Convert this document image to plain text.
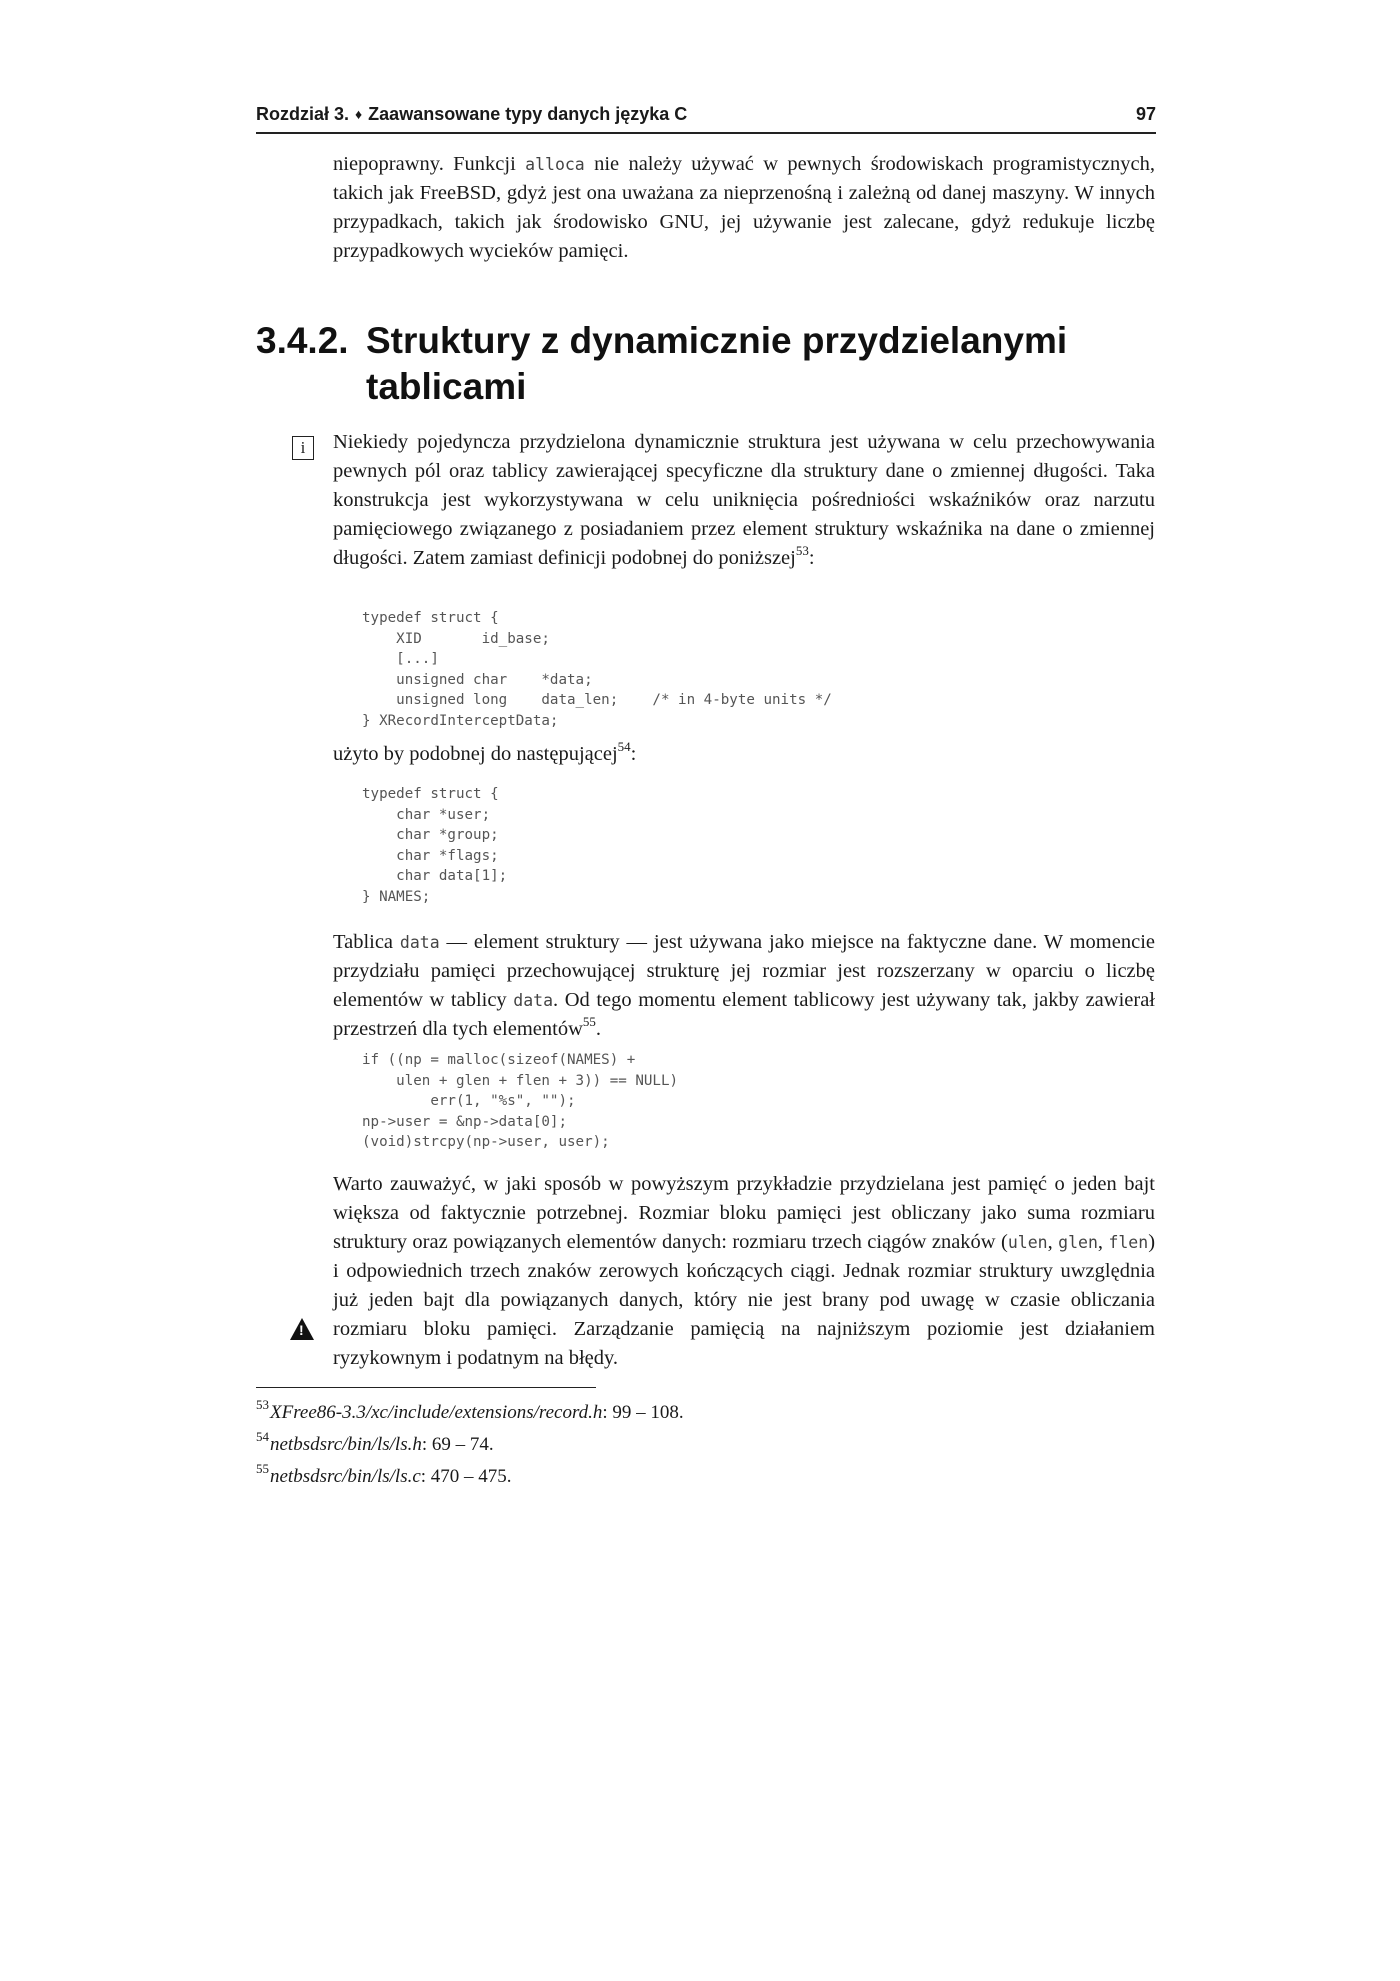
Rozdział 3. ♦ Zaawansowane typy danych języka C	97

niepoprawny. Funkcji alloca nie należy używać w pewnych środowiskach programistycznych, takich jak FreeBSD, gdyż jest ona uważana za nieprzenośną i zależną od danej maszyny. W innych przypadkach, takich jak środowisko GNU, jej używanie jest zalecane, gdyż redukuje liczbę przypadkowych wycieków pamięci.

3.4.2. Struktury z dynamicznie przydzielanymi
tablicami
i	Niekiedy pojedyncza przydzielona dynamicznie struktura jest używana w celu przechowywania pewnych pól oraz tablicy zawierającej specyficzne dla struktury dane o zmiennej długości. Taka konstrukcja jest wykorzystywana w celu uniknięcia pośredniości wskaźników oraz narzutu pamięciowego związanego z posiadaniem przez element struktury wskaźnika na dane o zmiennej długości. Zatem zamiast definicji podobnej do poniższej$^{53}$:

typedef struct {
XID       id_base;
[...]
unsigned char    *data;
unsigned long    data_len;    /* in 4-byte units */
} XRecordInterceptData;

użyto by podobnej do następującej$^{54}$:

typedef struct {
char *user;
char *group;
char *flags;
char data[1];
} NAMES;

Tablica data — element struktury — jest używana jako miejsce na faktyczne dane. W momencie przydziału pamięci przechowującej strukturę jej rozmiar jest rozszerzany w oparciu o liczbę elementów w tablicy data. Od tego momentu element tablicowy jest używany tak, jakby zawierał przestrzeń dla tych elementów$^{55}$.

if ((np = malloc(sizeof(NAMES) +
ulen + glen + flen + 3)) == NULL)
err(1, "%s", "");
np->user = &np->data[0];
(void)strcpy(np->user, user);

Warto zauważyć, w jaki sposób w powyższym przykładzie przydzielana jest pamięć o jeden bajt większa od faktycznie potrzebnej. Rozmiar bloku pamięci jest obliczany jako suma rozmiaru struktury oraz powiązanych elementów danych: rozmiaru trzech ciągów znaków (ulen, glen, flen) i odpowiednich trzech znaków zerowych kończących ciągi. Jednak rozmiar struktury uwzględnia już jeden bajt dla powiązanych danych, który nie jest brany pod uwagę w czasie obliczania rozmiaru bloku pamięci. Zarządzanie pamięcią na najniższym poziomie jest działaniem ryzykownym i podatnym na błędy.

!
$^{53}$XFree86-3.3/xc/include/extensions/record.h: 99 – 108.
$^{54}$netbsdsrc/bin/ls/ls.h: 69 – 74.
$^{55}$netbsdsrc/bin/ls/ls.c: 470 – 475.
